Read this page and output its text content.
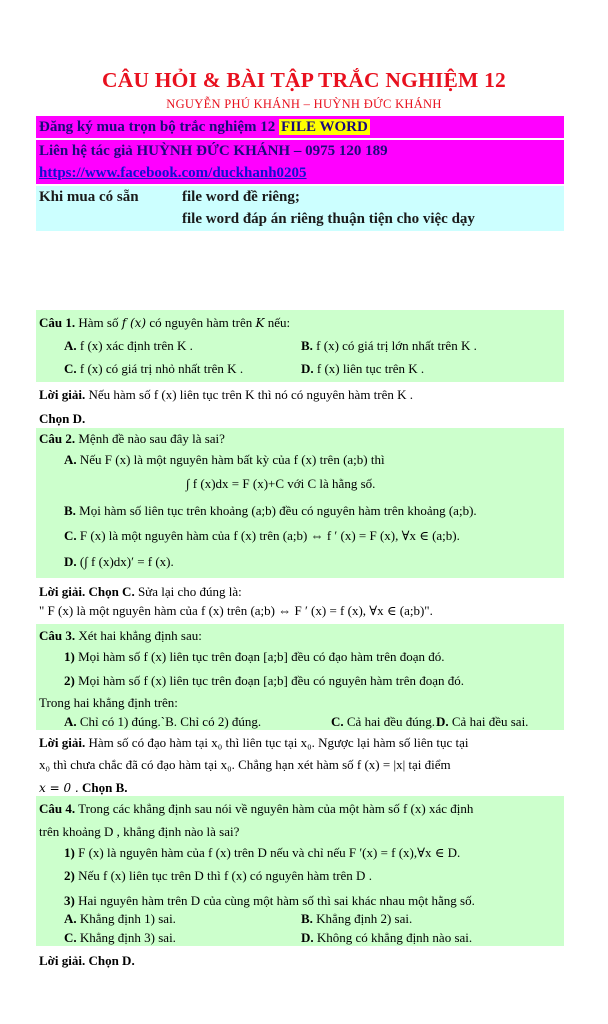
CÂU HỎI & BÀI TẬP TRẮC NGHIỆM 12
NGUYỄN PHÚ KHÁNH – HUỲNH ĐỨC KHÁNH
Đăng ký mua trọn bộ trắc nghiệm 12 FILE WORD
Liên hệ tác giả HUỲNH ĐỨC KHÁNH – 0975 120 189
https://www.facebook.com/duckhanh0205
Khi mua có sẵn	file word đề riêng;
file word đáp án riêng thuận tiện cho việc dạy
Câu 1. Hàm số f (x) có nguyên hàm trên K nếu:
A. f (x) xác định trên K .	B. f (x) có giá trị lớn nhất trên K .
C. f (x) có giá trị nhỏ nhất trên K .	D. f (x) liên tục trên K .
Lời giải. Nếu hàm số f (x) liên tục trên K thì nó có nguyên hàm trên K .
Chọn D.
Câu 2. Mệnh đề nào sau đây là sai?
A. Nếu F (x) là một nguyên hàm bất kỳ của f (x) trên (a;b) thì
∫ f (x)dx = F (x)+C với C là hằng số.
B. Mọi hàm số liên tục trên khoảng (a;b) đều có nguyên hàm trên khoảng (a;b).
C. F (x) là một nguyên hàm của f (x) trên (a;b) ⇔ f ′ (x) = F (x), ∀x ∈ (a;b).
D. (∫ f (x)dx)′ = f (x).
Lời giải. Chọn C. Sửa lại cho đúng là:
" F (x) là một nguyên hàm của f (x) trên (a;b) ⇔ F ′ (x) = f (x), ∀x ∈ (a;b)".
Câu 3. Xét hai khẳng định sau:
1) Mọi hàm số f (x) liên tục trên đoạn [a;b] đều có đạo hàm trên đoạn đó.
2) Mọi hàm số f (x) liên tục trên đoạn [a;b] đều có nguyên hàm trên đoạn đó.
Trong hai khẳng định trên:
A. Chỉ có 1) đúng.`B. Chỉ có 2) đúng.	C. Cả hai đều đúng. D. Cả hai đều sai.
Lời giải. Hàm số có đạo hàm tại x₀ thì liên tục tại x₀. Ngược lại hàm số liên tục tại
x₀ thì chưa chắc đã có đạo hàm tại x₀. Chẳng hạn xét hàm số f (x) = |x| tại điểm
x = 0 . Chọn B.
Câu 4. Trong các khẳng định sau nói về nguyên hàm của một hàm số f (x) xác định
trên khoảng D , khẳng định nào là sai?
1) F (x) là nguyên hàm của f (x) trên D nếu và chỉ nếu F ′(x) = f (x),∀x ∈ D.
2) Nếu f (x) liên tục trên D thì f (x) có nguyên hàm trên D .
3) Hai nguyên hàm trên D của cùng một hàm số thì sai khác nhau một hằng số.
A. Khẳng định 1) sai.	B. Khẳng định 2) sai.
C. Khẳng định 3) sai.	D. Không có khẳng định nào sai.
Lời giải. Chọn D.
